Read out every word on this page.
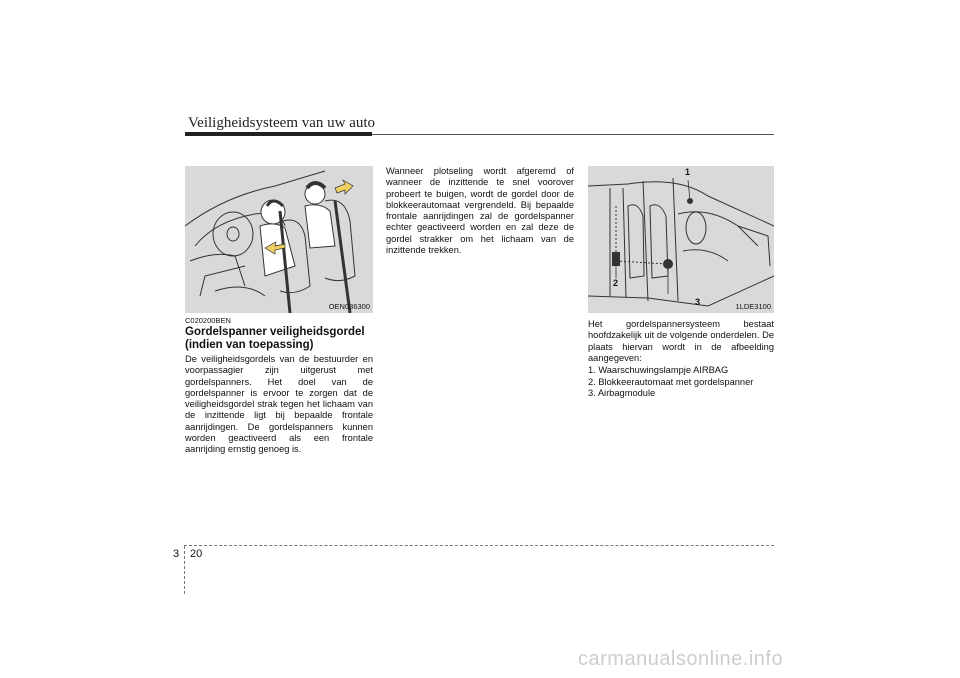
Veiligheidsysteem van uw auto
OEN036300
1
2
3	1LDE3100
C020200BEN
Gordelspanner veiligheidsgordel
(indien van toepassing)
De veiligheidsgordels van de bestuurder en voorpassagier zijn uitgerust met gordelspanners. Het doel van de gordelspanner is ervoor te zorgen dat de veiligheidsgordel strak tegen het lichaam van de inzittende ligt bij bepaalde frontale aanrijdingen. De gordelspanners kunnen worden geactiveerd als een frontale aanrijding ernstig genoeg is.
Wanneer plotseling wordt afgeremd of wanneer de inzittende te snel voorover probeert te buigen, wordt de gordel door de blokkeerautomaat vergrendeld. Bij bepaalde frontale aanrijdingen zal de gordelspanner echter geactiveerd worden en zal deze de gordel strakker om het lichaam van de inzittende trekken.
Het gordelspannersysteem bestaat hoofdzakelijk uit de volgende onderdelen. De plaats hiervan wordt in de afbeelding aangegeven:
1. Waarschuwingslampje AIRBAG
2. Blokkeerautomaat met gordelspanner
3. Airbagmodule
3 20
carmanualsonline.info
